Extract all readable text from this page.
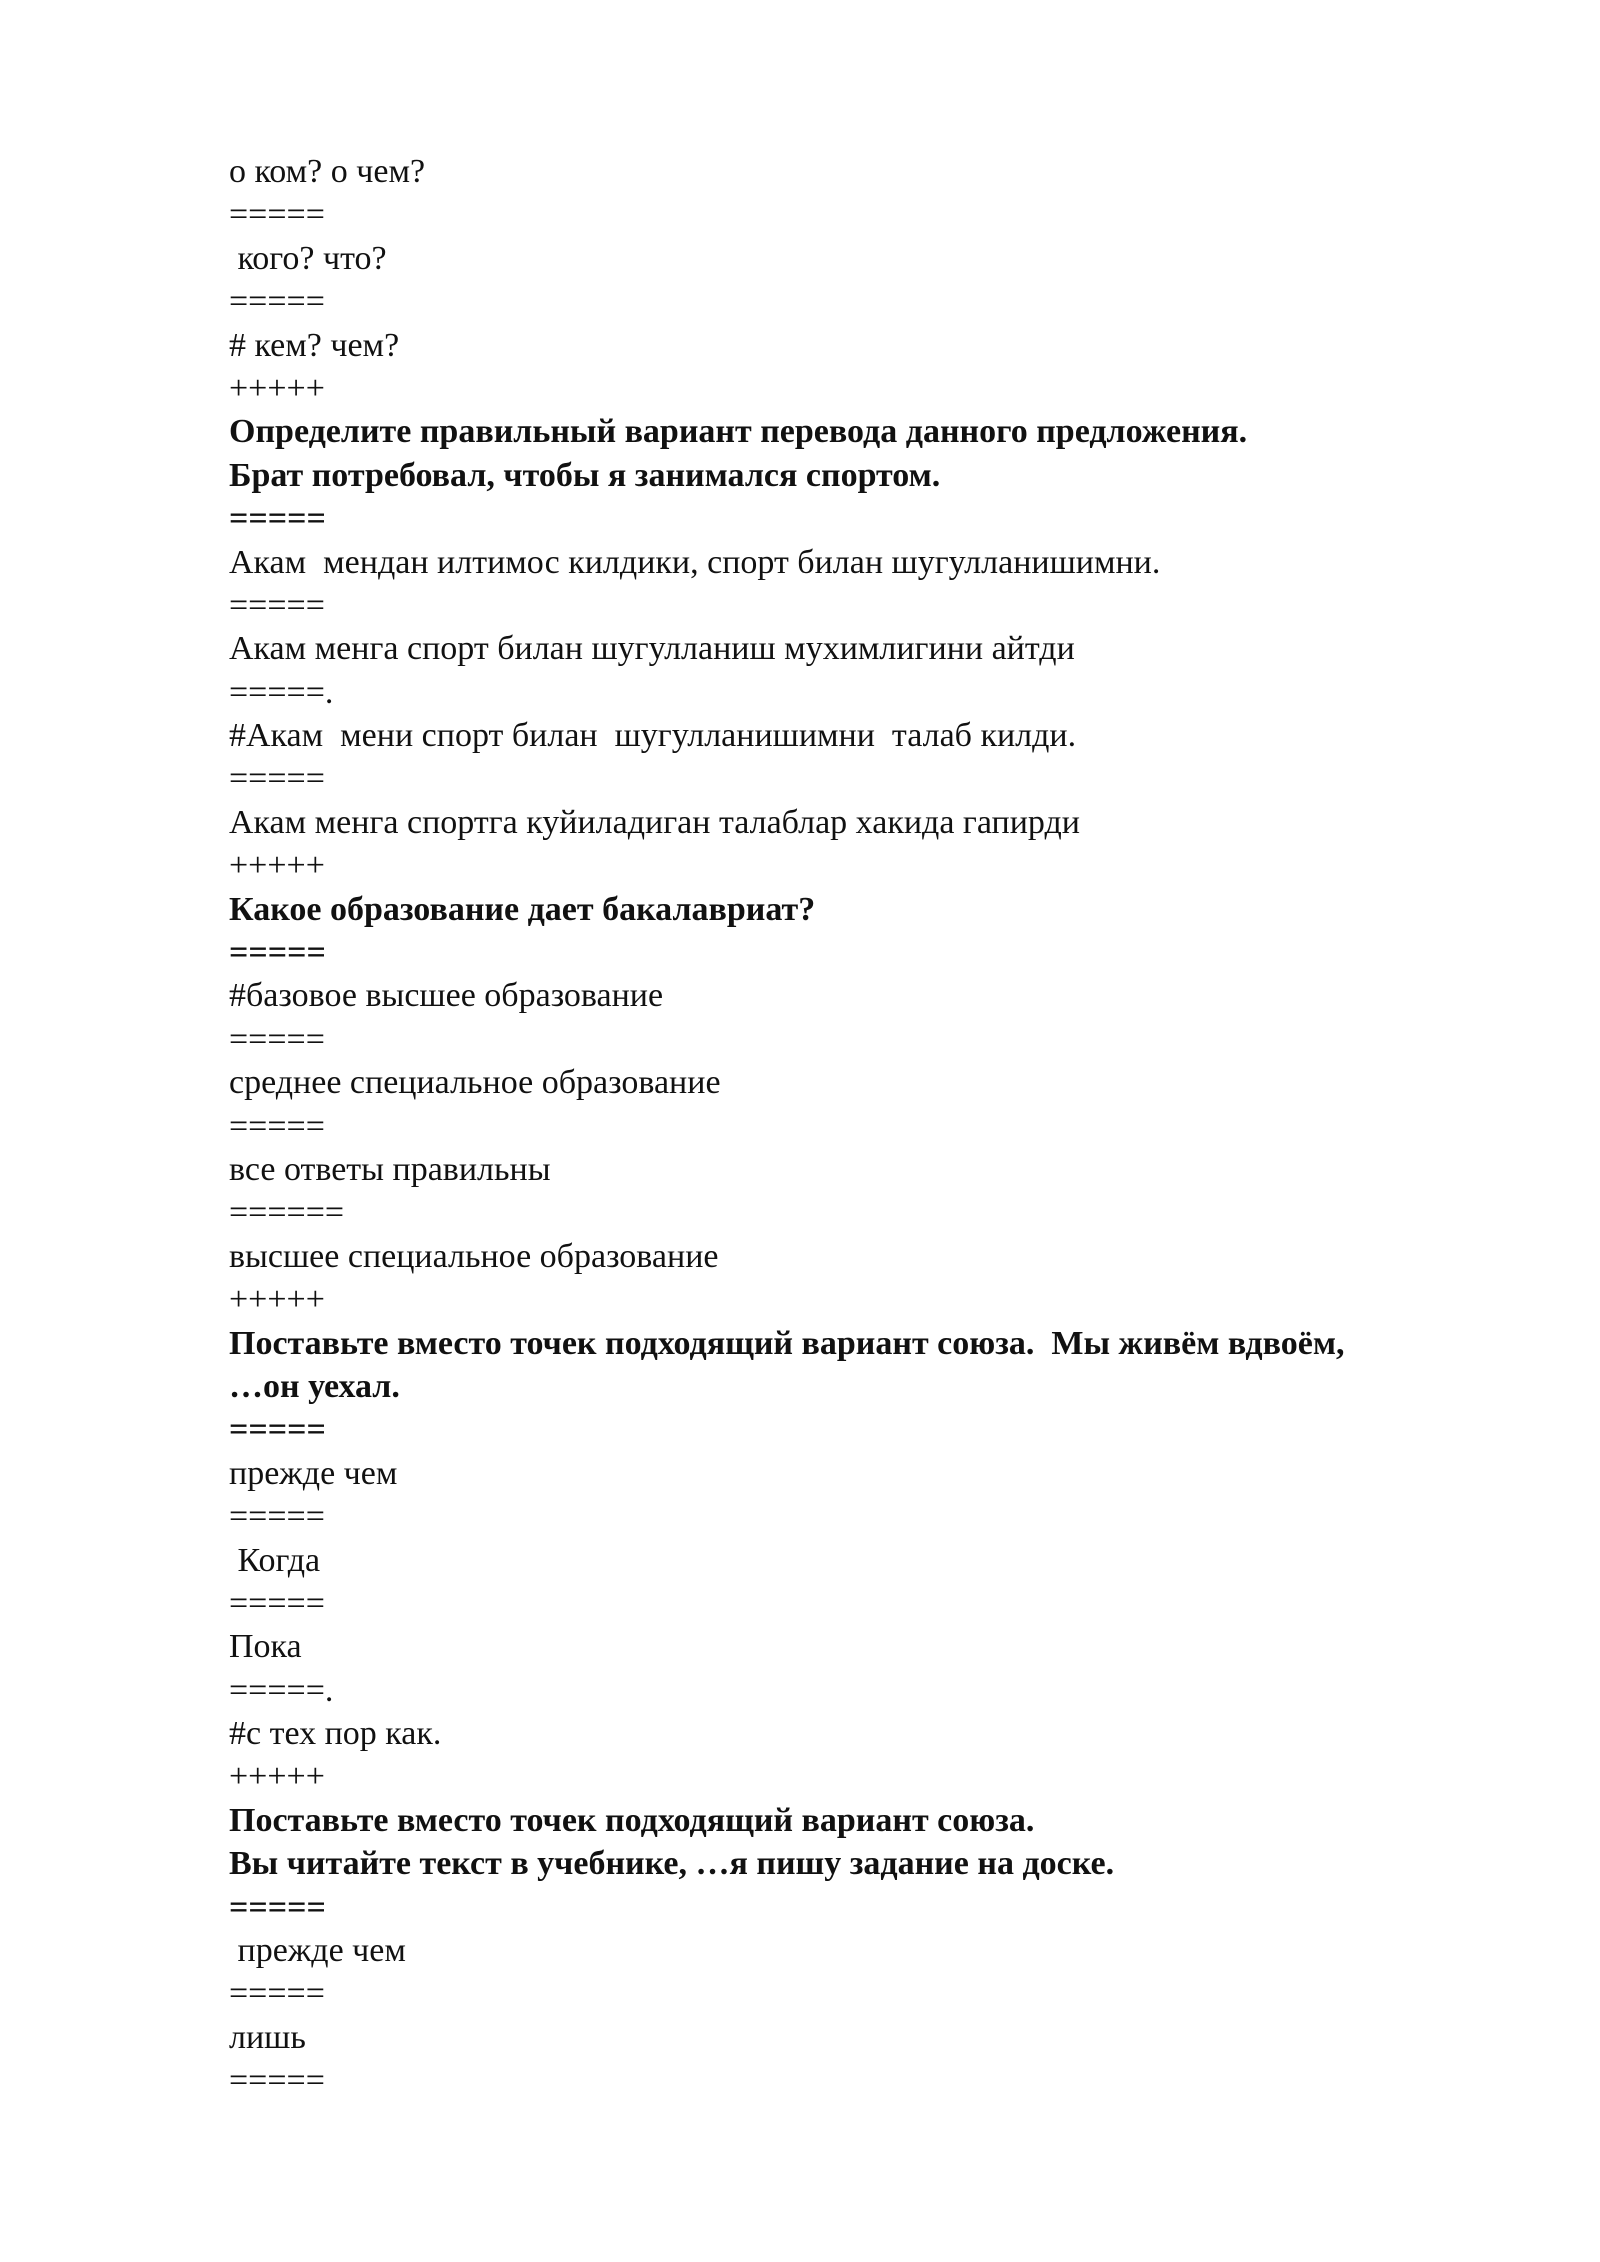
о ком? о чем?

=====

кого? что?

=====

# кем? чем?

+++++

Определите правильный вариант перевода данного предложения.

Брат потребовал, чтобы я занимался спортом.

=====

Акам  мендан илтимос килдики, спорт билан шугулланишимни.

=====

Акам менга спорт билан шугулланиш мухимлигини айтди

=====.

#Акам  мени спорт билан  шугулланишимни  талаб килди.

=====

Акам менга спортга куйиладиган талаблар хакида гапирди

+++++

Какое образование дает бакалавриат?

=====

#базовое высшее образование

=====

среднее специальное образование

=====

все ответы правильны

======

высшее специальное образование

+++++

Поставьте вместо точек подходящий вариант союза.  Мы живём вдвоём,

…он уехал.

=====

прежде чем

=====

Когда

=====

Пока

=====.

#с тех пор как.

+++++

Поставьте вместо точек подходящий вариант союза.

Вы читайте текст в учебнике, …я пишу задание на доске.

=====

прежде чем

=====

лишь

=====
